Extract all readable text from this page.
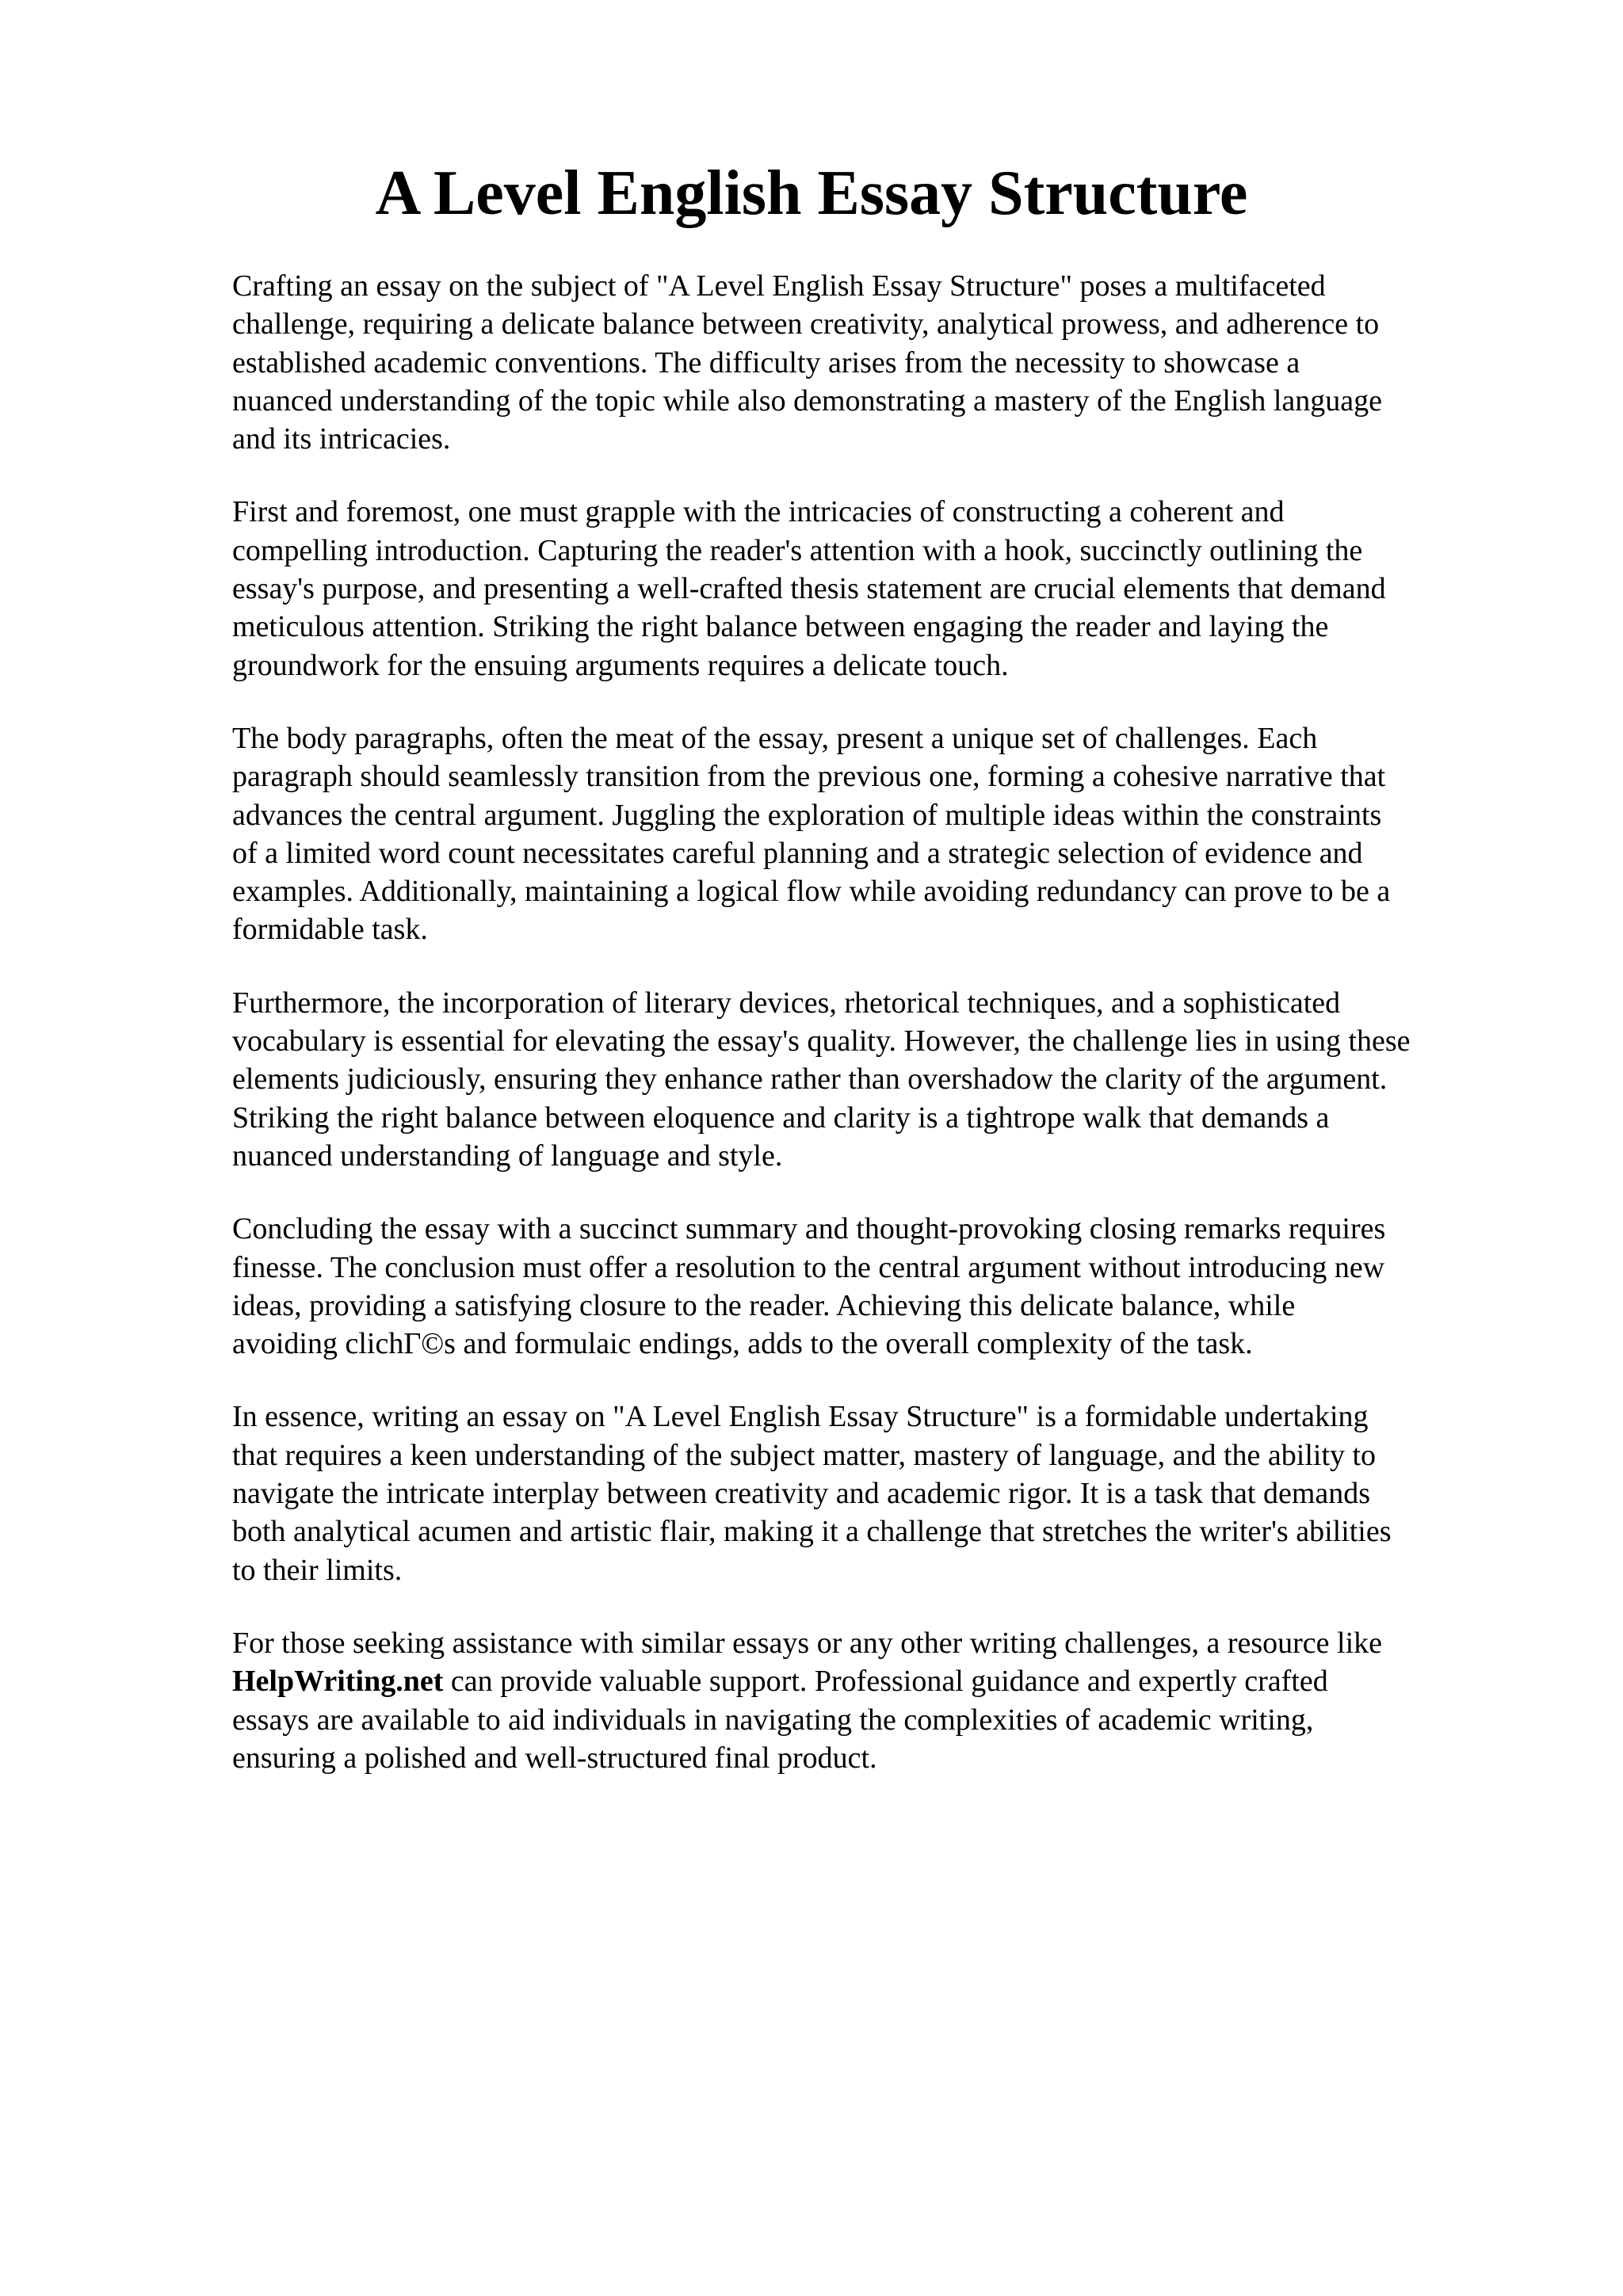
A Level English Essay Structure

Crafting an essay on the subject of "A Level English Essay Structure" poses a multifaceted
challenge, requiring a delicate balance between creativity, analytical prowess, and adherence to
established academic conventions. The difficulty arises from the necessity to showcase a
nuanced understanding of the topic while also demonstrating a mastery of the English language
and its intricacies.

First and foremost, one must grapple with the intricacies of constructing a coherent and
compelling introduction. Capturing the reader's attention with a hook, succinctly outlining the
essay's purpose, and presenting a well-crafted thesis statement are crucial elements that demand
meticulous attention. Striking the right balance between engaging the reader and laying the
groundwork for the ensuing arguments requires a delicate touch.

The body paragraphs, often the meat of the essay, present a unique set of challenges. Each
paragraph should seamlessly transition from the previous one, forming a cohesive narrative that
advances the central argument. Juggling the exploration of multiple ideas within the constraints
of a limited word count necessitates careful planning and a strategic selection of evidence and
examples. Additionally, maintaining a logical flow while avoiding redundancy can prove to be a
formidable task.

Furthermore, the incorporation of literary devices, rhetorical techniques, and a sophisticated
vocabulary is essential for elevating the essay's quality. However, the challenge lies in using these
elements judiciously, ensuring they enhance rather than overshadow the clarity of the argument.
Striking the right balance between eloquence and clarity is a tightrope walk that demands a
nuanced understanding of language and style.

Concluding the essay with a succinct summary and thought-provoking closing remarks requires
finesse. The conclusion must offer a resolution to the central argument without introducing new
ideas, providing a satisfying closure to the reader. Achieving this delicate balance, while
avoiding clichΓ©s and formulaic endings, adds to the overall complexity of the task.

In essence, writing an essay on "A Level English Essay Structure" is a formidable undertaking
that requires a keen understanding of the subject matter, mastery of language, and the ability to
navigate the intricate interplay between creativity and academic rigor. It is a task that demands
both analytical acumen and artistic flair, making it a challenge that stretches the writer's abilities
to their limits.

For those seeking assistance with similar essays or any other writing challenges, a resource like
HelpWriting.net can provide valuable support. Professional guidance and expertly crafted
essays are available to aid individuals in navigating the complexities of academic writing,
ensuring a polished and well-structured final product.
